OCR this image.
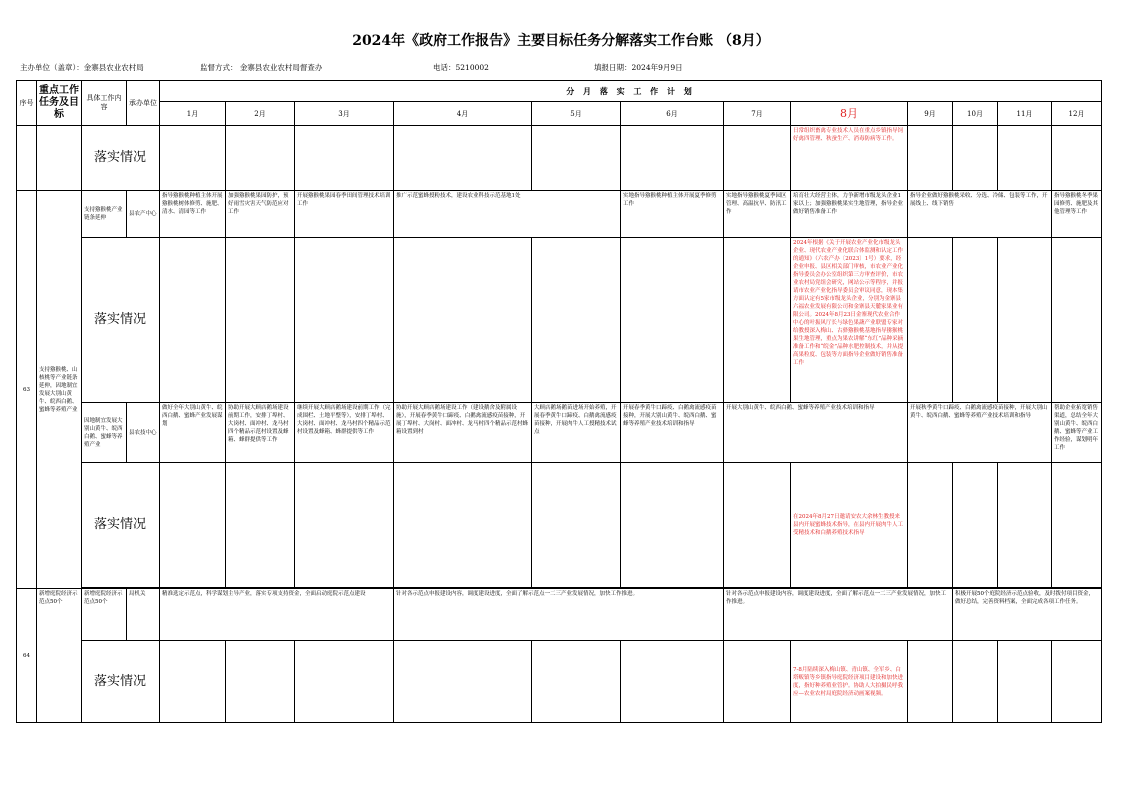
2024年《政府工作报告》主要目标任务分解落实工作台账 （8月）
主办单位（盖章）：金寨县农业农村局	监督方式： 金寨县农业农村局督查办	电话：5210002	填报日期：2024年9月9日
序号	重点工作任务及目标	具体工作内容	承办单位	分 月 落 实 工 作 计 划											
				1月	2月	3月	4月	5月	6月	7月	8月	9月	10月	11月	12月
		落实情况									日常组织畜禽专业技术人员在重点乡镇指导饲好禽四管理、秋蚕生产、消毒防病等工作。				
63	支持猕猴桃、山核桃等产业链条延伸，因地制宜发展大别山黄牛、皖西白鹅、蜜蜂等养殖产业	支持猕猴桃产业链条延伸	县农产中心	指导猕猴桃种植主体开展猕猴桃树体修剪、施肥、清水、清园等工作	加强猕猴桃果园防护，预好雨雪灾害天气防范应对工作	开展猕猴桃果园春季田间管理技术培训工作	推广示范蜜蜂授粉技术，建设农业科技示范基地1处		实地指导猕猴桃种植主体开展夏季修剪工作	实地指导猕猴桃夏季园区管理、高温抗旱、防汛工作	培育壮大经营主体，力争新增市级龙头企业1家以上；加强猕猴桃果实生地管理，指导企业做好销售准备工作	指导企业做好猕猴桃采收、分选、冷储、包装等工作，开展线上、线下销售			指导猕猴桃冬季果园修剪、施肥及其他管理等工作
		落实情况									2024年根据《关于开展农业产业化市级龙头企业、现代农业产业化联合体监测和认定工作的通知》（六农产办〔2023〕1号）要求，经企业申报、县区相关部门审核，市农业产业化指导委员会办公室组织第三方审查评价，市农业农村局党组会研究，网站公示等程序，并报请市农业产业化指导委员会审议同意，现本集方面认定有5家市级龙头企业，分别为金寨县六福农业发展有限公司和金寨县天麓家果业有限公司。2024年8月23日金寨现代农业合作中心的叶振风厅长与绿色果蔬产业联盟专家对给教授深入梅山、古驿猕猴桃基地指导猕猴桃果生地管理，重点为果农讲解“东红”品种采摘准备工作和“皖金”品种水肥控制技术，并从提高果粒度、包装等方面指导企业做好销售准备工作				
		因地制宜发展大别山黄牛、皖西白鹅、蜜蜂等养殖产业	县农技中心	做好全年大别山黄牛、皖西白鹅、蜜蜂产业发展谋划	协助开展大顾店鹅场建设前期工作，安排丁埠村、大岗村、面冲村、龙马村四个精品示范村设置及蜂箱、蜂群提供等工作	继续开展大顾店鹅场建设前期工作（完成围栏、土地平整等），安排丁埠村、大岗村、面冲村、龙马村四个精品示范村设置及蜂箱、蜂群提供等工作	协助开展大顾店鹅场建设工作（建设鹅舍及附属设施），开展春季黄牛口蹄疫、白鹅禽流感疫苗接种，开展丁埠村、大岗村、面冲村、龙马村四个精品示范村蜂箱设置到村	大顾店鹅场鹅苗进场开始养殖，开展春季黄牛口蹄疫、白鹅禽流感疫苗接种，开展肉牛人工授精技术试点	开展春季黄牛口蹄疫、白鹅禽流感疫苗接种，开展大别山黄牛、皖西白鹅、蜜蜂等养殖产业技术培训和指导	开展大别山黄牛、皖西白鹅、蜜蜂等养殖产业技术培训和指导		开展秋季黄牛口蹄疫、白鹅禽流感疫苗接种，开展大别山黄牛、皖西白鹅、蜜蜂等养殖产业技术培训和指导			帮助企业拓宽销售渠道，总结全年大别山黄牛、皖西白鹅、蜜蜂等产业工作经验，谋划明年工作
		落实情况									在2024年8月27日邀请安农大余林生教授来县内开展蜜蜂技术指导，在县内开展肉牛人工受精技术和白鹅养殖技术指导				

64	新增庭院经济示范点50个	新增庭院经济示范点50个	局机关	精准选定示范点，科学谋划主导产业，落实专项支持资金，全面启动庭院示范点建设			针对各示范点申报建设内容，调度建设进度，全面了解示范点一二三产业发展情况，加快工作推进。			针对各示范点申报建设内容，调度建设进度，全面了解示范点一二三产业发展情况，加快工作推进。			积极开展50个庭院经济示范点验收，及时拨付项目资金，做好总结，完善资料档案，全面完成各项工作任务。		
		落实情况									7-8月陆续深入梅山镇、青山镇、全军乡、白塔畈镇等乡镇指导庭院经济项目建设和加快进度，指好种养殖业管护。协助人大拍摄民呼我应—农业农村局庭院经济动画案视频。				
